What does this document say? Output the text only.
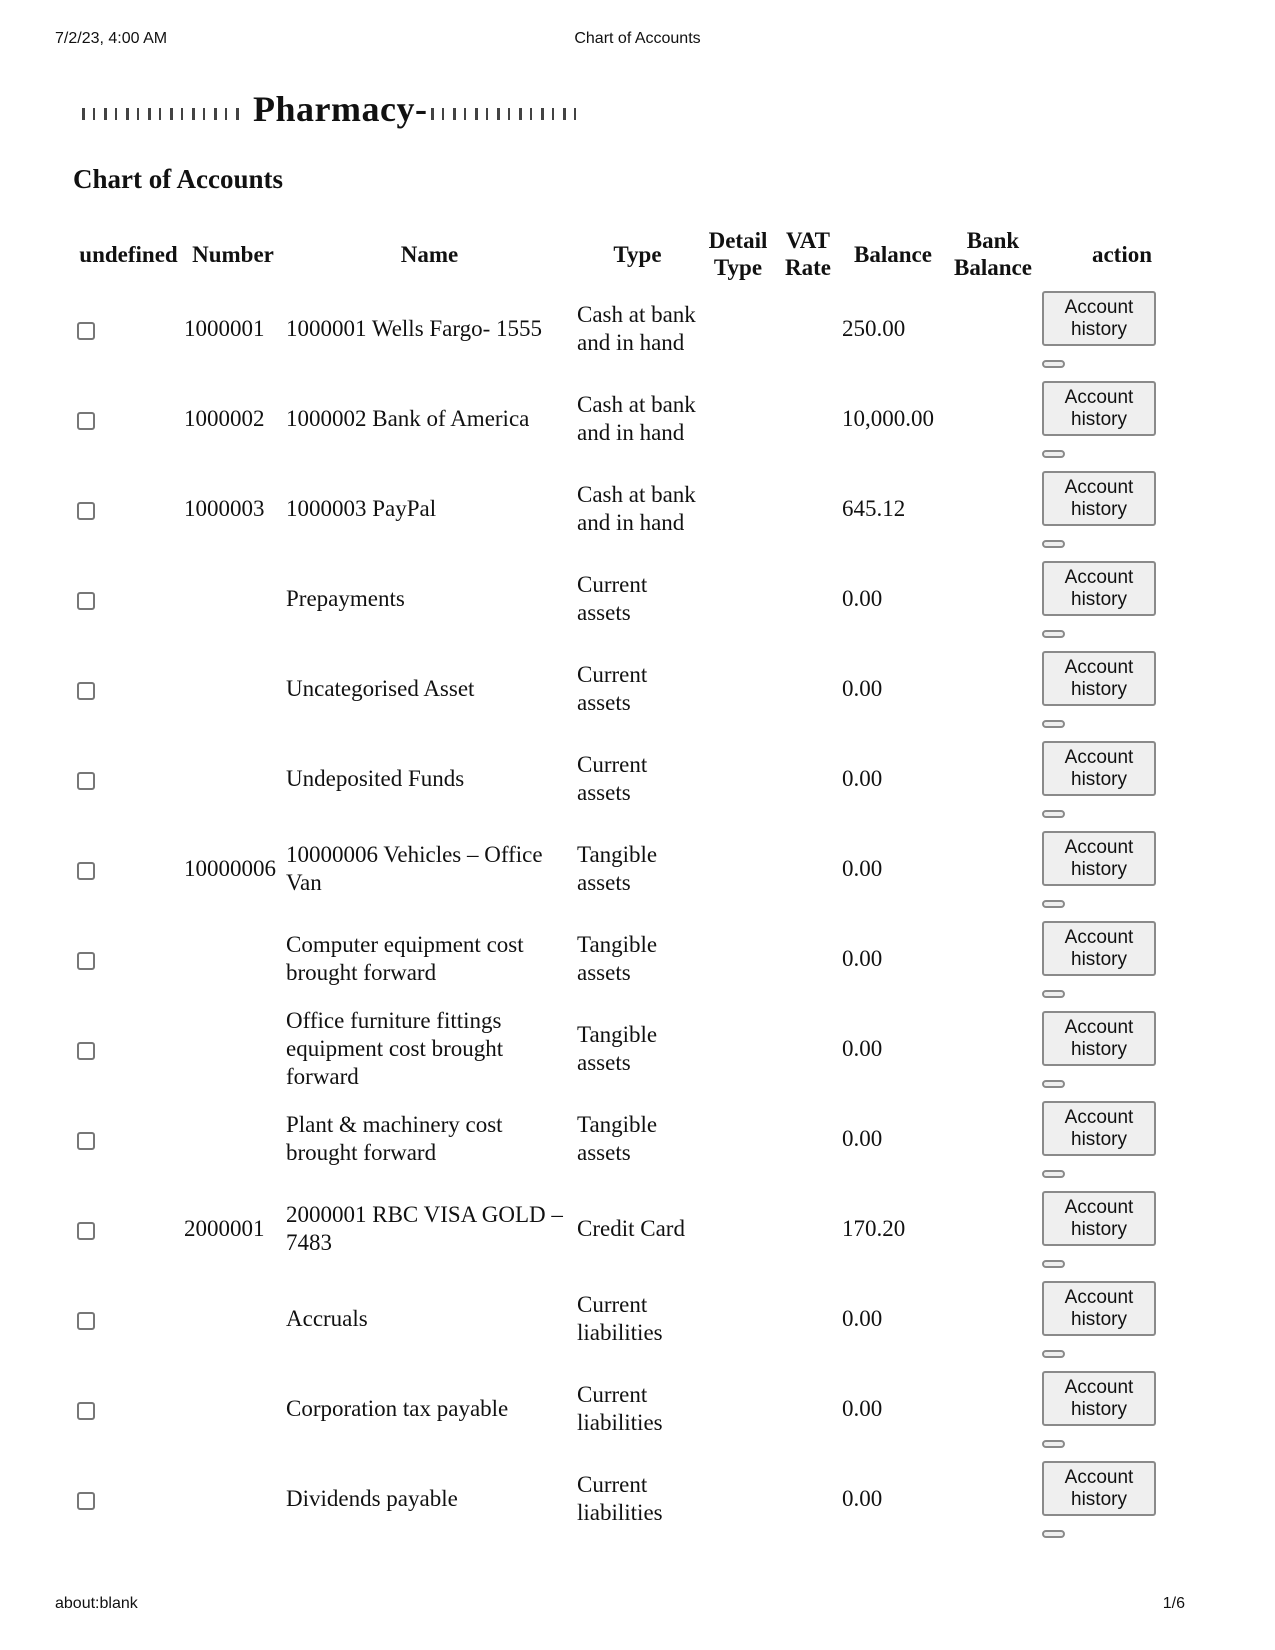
7/2/23, 4:00 AM	Chart of Accounts
Pharmacy-
Chart of Accounts
undefined	Number	Name	Type	Detail Type	VAT Rate	Balance	Bank Balance	action
	1000001	1000001 Wells Fargo- 1555	Cash at bank and in hand			250.00		Account history

	1000002	1000002 Bank of America	Cash at bank and in hand			10,000.00		Account history

	1000003	1000003 PayPal	Cash at bank and in hand			645.12		Account history

		Prepayments	Current assets			0.00		Account history

		Uncategorised Asset	Current assets			0.00		Account history

		Undeposited Funds	Current assets			0.00		Account history

	10000006	10000006 Vehicles – Office Van	Tangible assets			0.00		Account history

		Computer equipment cost brought forward	Tangible assets			0.00		Account history

		Office furniture fittings equipment cost brought forward	Tangible assets			0.00		Account history

		Plant & machinery cost brought forward	Tangible assets			0.00		Account history

	2000001	2000001 RBC VISA GOLD – 7483	Credit Card			170.20		Account history

		Accruals	Current liabilities			0.00		Account history

		Corporation tax payable	Current liabilities			0.00		Account history

		Dividends payable	Current liabilities			0.00		Account history
about:blank	1/6
